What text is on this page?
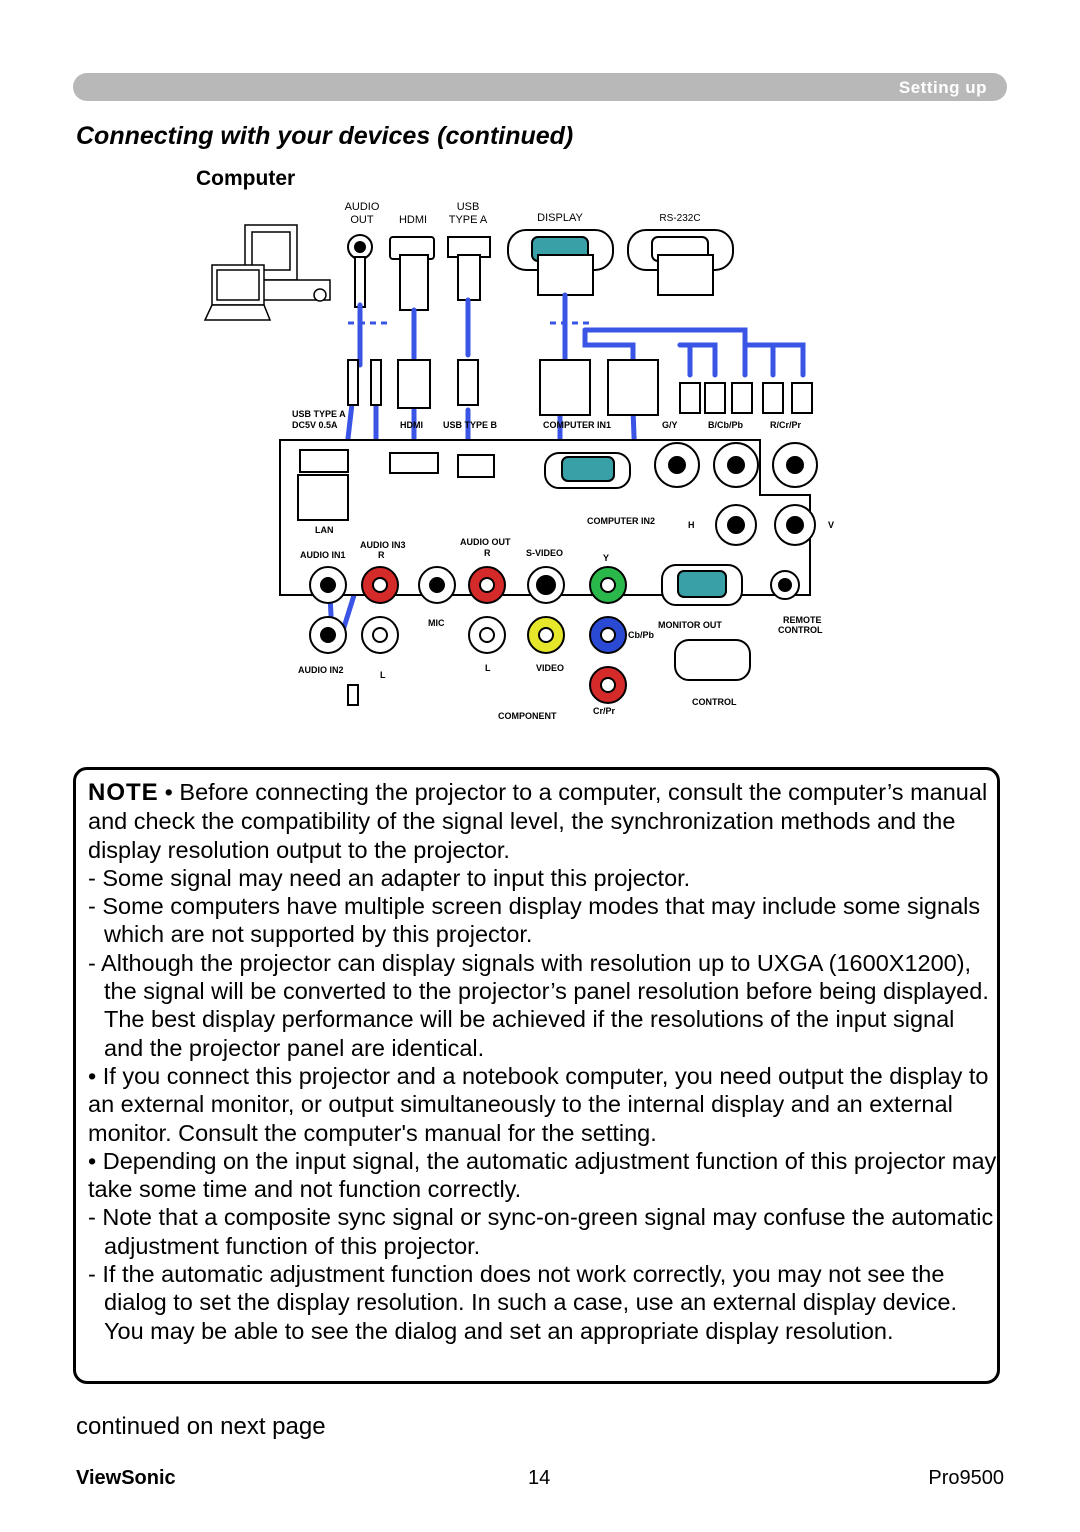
Setting up
Connecting with your devices (continued)
Computer
AUDIO
OUT HDMI
USB
TYPE A	DISPLAY	RS-232C
USB TYPE A
DC5V 0.5A	HDMI USB TYPE B	COMPUTER IN1	G/Y	B/Cb/Pb	R/Cr/Pr
LAN
COMPUTER IN2	H	V
AUDIO IN3
AUDIO IN1	R
AUDIO OUT
R	S-VIDEO	Y
MIC	MONITOR OUT	REMOTE
CONTROL
Cb/Pb
AUDIO IN2	L
L	VIDEO
CONTROL
COMPONENT	Cr/Pr

NOTE • Before connecting the projector to a computer, consult the computer’s manual and check the compatibility of the signal level, the synchronization methods and the display resolution output to the projector.

- Some signal may need an adapter to input this projector.

- Some computers have multiple screen display modes that may include some signals which are not supported by this projector.

- Although the projector can display signals with resolution up to UXGA (1600X1200), the signal will be converted to the projector’s panel resolution before being displayed. The best display performance will be achieved if the resolutions of the input signal and the projector panel are identical.

• If you connect this projector and a notebook computer, you need output the display to an external monitor, or output simultaneously to the internal display and an external monitor. Consult the computer's manual for the setting.

• Depending on the input signal, the automatic adjustment function of this projector may take some time and not function correctly.

- Note that a composite sync signal or sync-on-green signal may confuse the automatic adjustment function of this projector.

- If the automatic adjustment function does not work correctly, you may not see the dialog to set the display resolution. In such a case, use an external display device. You may be able to see the dialog and set an appropriate display resolution.

continued on next page
ViewSonic	14	Pro9500
